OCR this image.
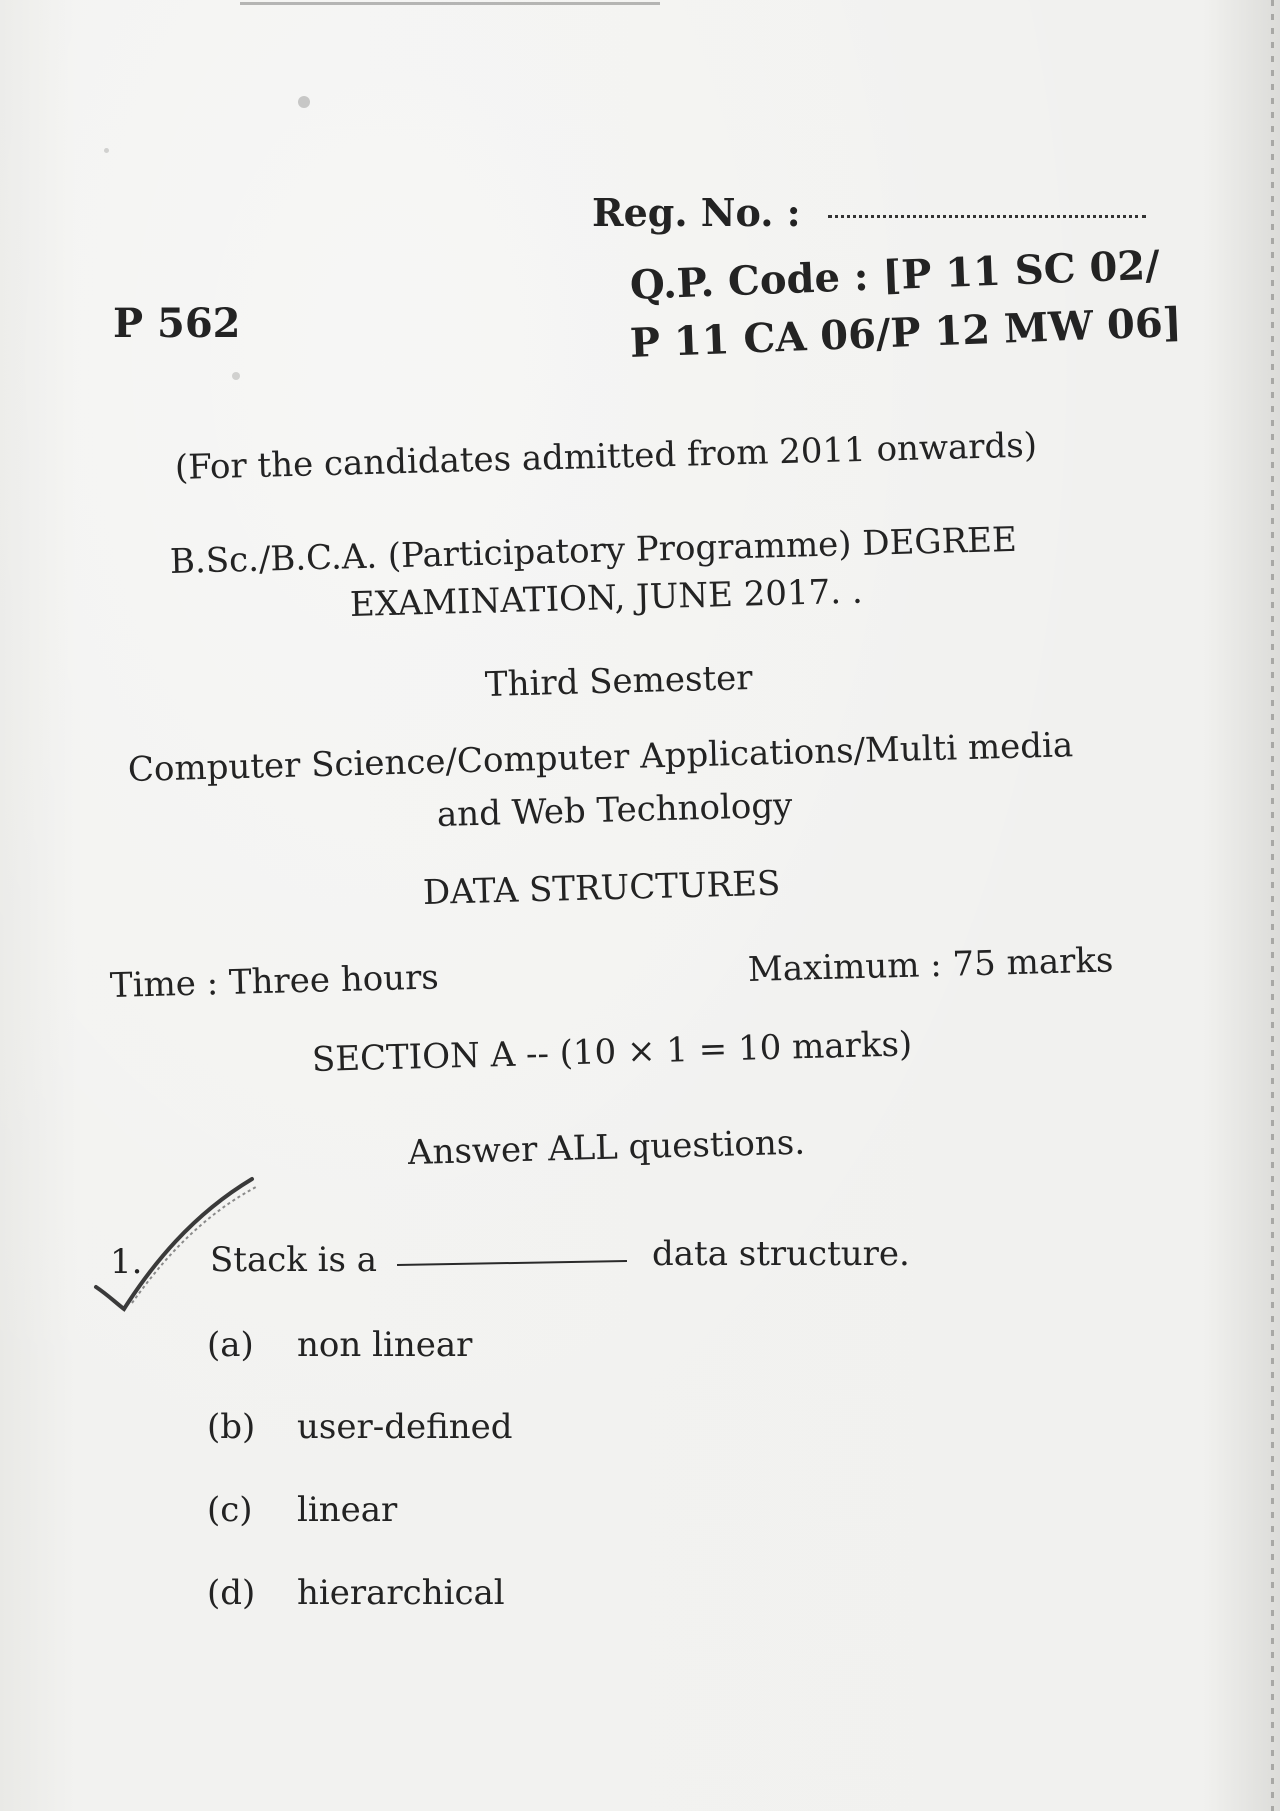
Reg. No. :
P 562
Q.P. Code : [P 11 SC 02/
P 11 CA 06/P 12 MW 06]
(For the candidates admitted from 2011 onwards)
B.Sc./B.C.A. (Participatory Programme) DEGREE
EXAMINATION, JUNE 2017. .
Third Semester
Computer Science/Computer Applications/Multi media
and Web Technology
DATA STRUCTURES
Time : Three hours	Maximum : 75 marks
SECTION A -- (10 × 1 = 10 marks)
Answer ALL questions.
1. Stack is a	data structure.
(a) non linear
(b) user-defined
(c) linear
(d) hierarchical
